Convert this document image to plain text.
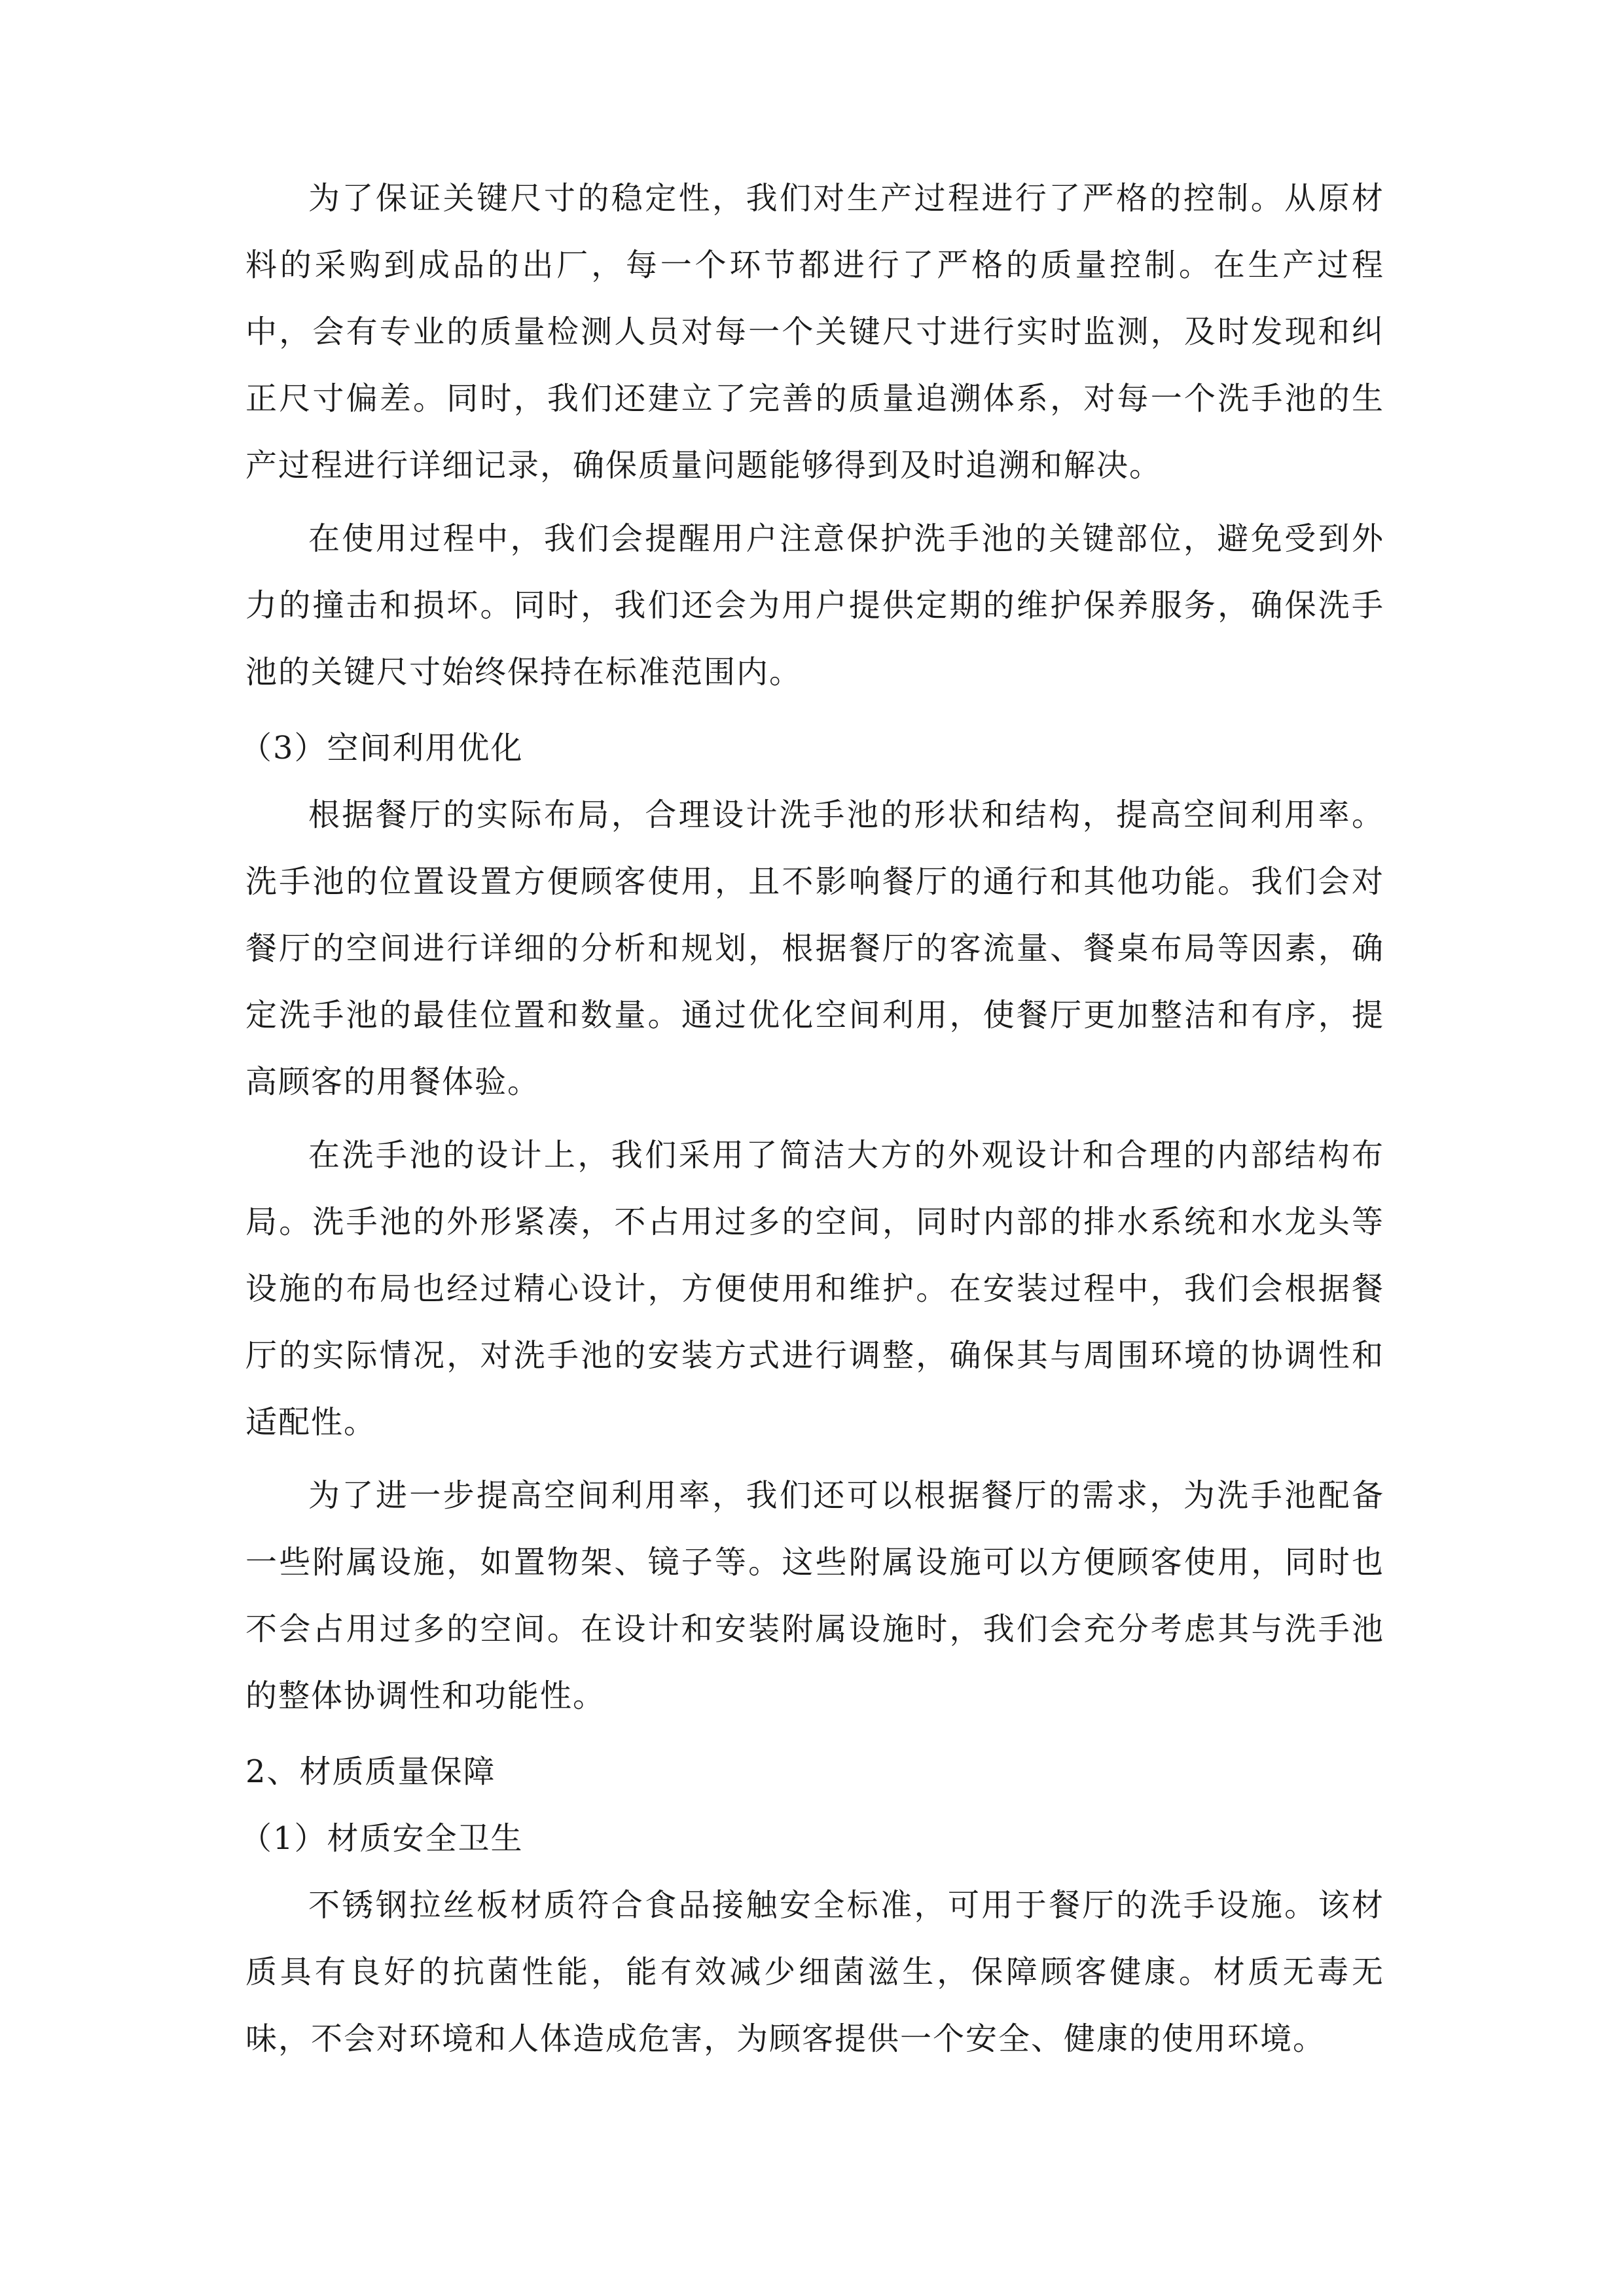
为了保证关键尺寸的稳定性，我们对生产过程进行了严格的控制。从原材料的采购到成品的出厂，每一个环节都进行了严格的质量控制。在生产过程中，会有专业的质量检测人员对每一个关键尺寸进行实时监测，及时发现和纠正尺寸偏差。同时，我们还建立了完善的质量追溯体系，对每一个洗手池的生产过程进行详细记录，确保质量问题能够得到及时追溯和解决。

在使用过程中，我们会提醒用户注意保护洗手池的关键部位，避免受到外力的撞击和损坏。同时，我们还会为用户提供定期的维护保养服务，确保洗手池的关键尺寸始终保持在标准范围内。

（3）空间利用优化

根据餐厅的实际布局，合理设计洗手池的形状和结构，提高空间利用率。洗手池的位置设置方便顾客使用，且不影响餐厅的通行和其他功能。我们会对餐厅的空间进行详细的分析和规划，根据餐厅的客流量、餐桌布局等因素，确定洗手池的最佳位置和数量。通过优化空间利用，使餐厅更加整洁和有序，提高顾客的用餐体验。

在洗手池的设计上，我们采用了简洁大方的外观设计和合理的内部结构布局。洗手池的外形紧凑，不占用过多的空间，同时内部的排水系统和水龙头等设施的布局也经过精心设计，方便使用和维护。在安装过程中，我们会根据餐厅的实际情况，对洗手池的安装方式进行调整，确保其与周围环境的协调性和适配性。

为了进一步提高空间利用率，我们还可以根据餐厅的需求，为洗手池配备一些附属设施，如置物架、镜子等。这些附属设施可以方便顾客使用，同时也不会占用过多的空间。在设计和安装附属设施时，我们会充分考虑其与洗手池的整体协调性和功能性。

2、材质质量保障

（1）材质安全卫生

不锈钢拉丝板材质符合食品接触安全标准，可用于餐厅的洗手设施。该材质具有良好的抗菌性能，能有效减少细菌滋生，保障顾客健康。材质无毒无味，不会对环境和人体造成危害，为顾客提供一个安全、健康的使用环境。
